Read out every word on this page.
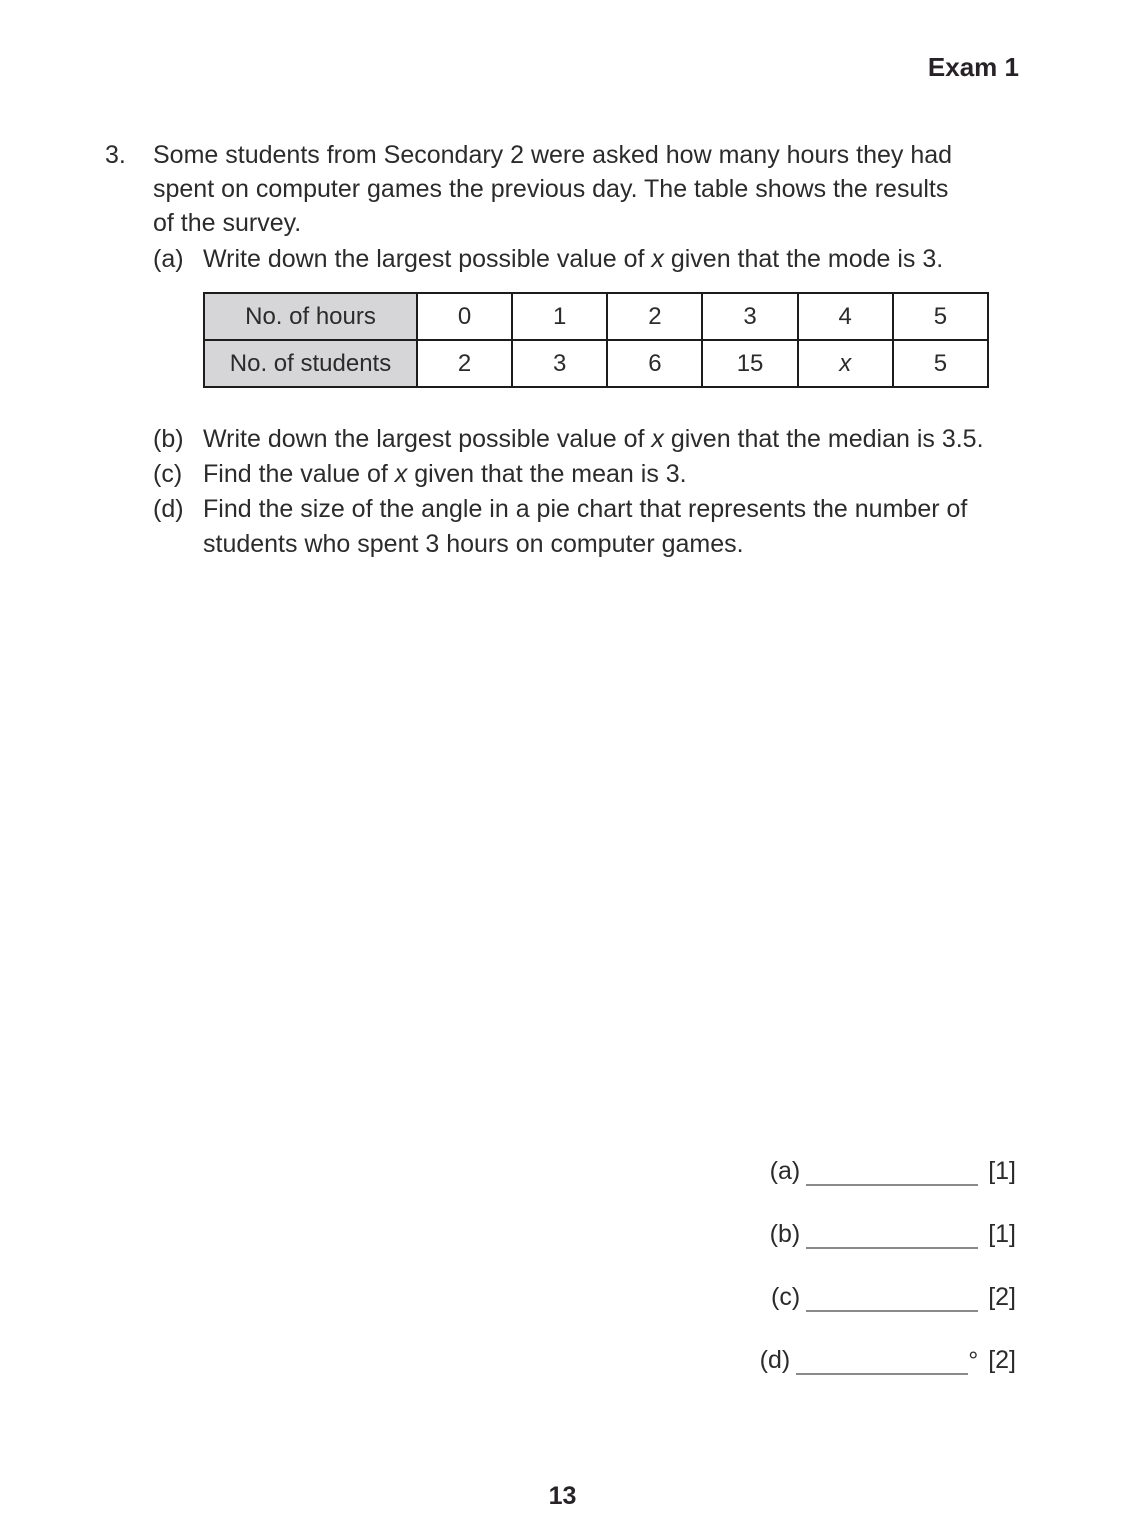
Exam 1
3.	Some students from Secondary 2 were asked how many hours they had spent on computer games the previous day. The table shows the results of the survey.

(a) Write down the largest possible value of x given that the mode is 3.
No. of hours	0	1	2	3	4	5
No. of students	2	3	6	15	x	5
(b) Write down the largest possible value of x given that the median is 3.5.
(c) Find the value of x given that the mean is 3.
(d) Find the size of the angle in a pie chart that represents the number of students who spent 3 hours on computer games.
(a)	[1]
(b)	[1]
(c)	[2]
(d)	° [2]
13
